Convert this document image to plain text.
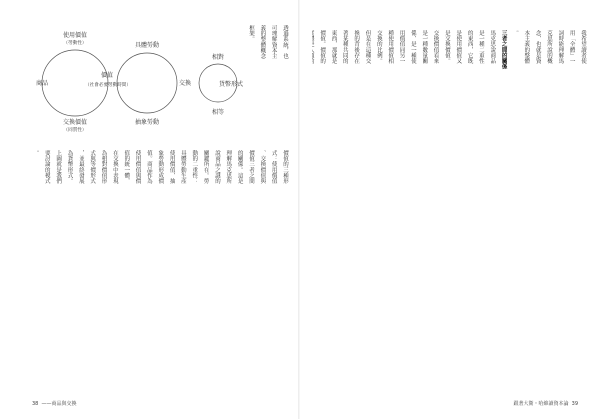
使用價值
（勞動性）
商品
價值
（社會必要勞動時間）
交換價值
（同質性）
具體勞動
抽象勞動
交換
相對
貨幣形式
相等
透過系統，也
可理解資本主
義的整體概念
框架。
價值的三種形
式：使用價值
、交換價值與
價值三者之間
的關係。這是
理解馬克思所
說商品之謎的
關鍵所在。勞
動的二重性：
具體勞動生產
使用價值，抽
象勞動形成價
值。商品作為
使用價值與價
值的統一體，
在交換中表現
為相對價值形
式與等價形式
，並最終發展
為貨幣形式。
上圖就是我們
要討論的模式
。
38  ——商品與交換
我希望讀者使
用「全體」一
詞時能理解馬
克思所說的概
念，也就是資
本主義的整體
。
三者之間的關係
馬克思說商品
是一種二重性
的東西，它既
是使用價值又
是交換價值。
交換價值看來
是一種數量關
係，是一種使
用價值同另一
種使用價值相
交換的比例。
但是在這種交
換的背後存在
著某種共同的
東西，那就是
價值。價值的

跟著大衛・哈維讀資本論  39
